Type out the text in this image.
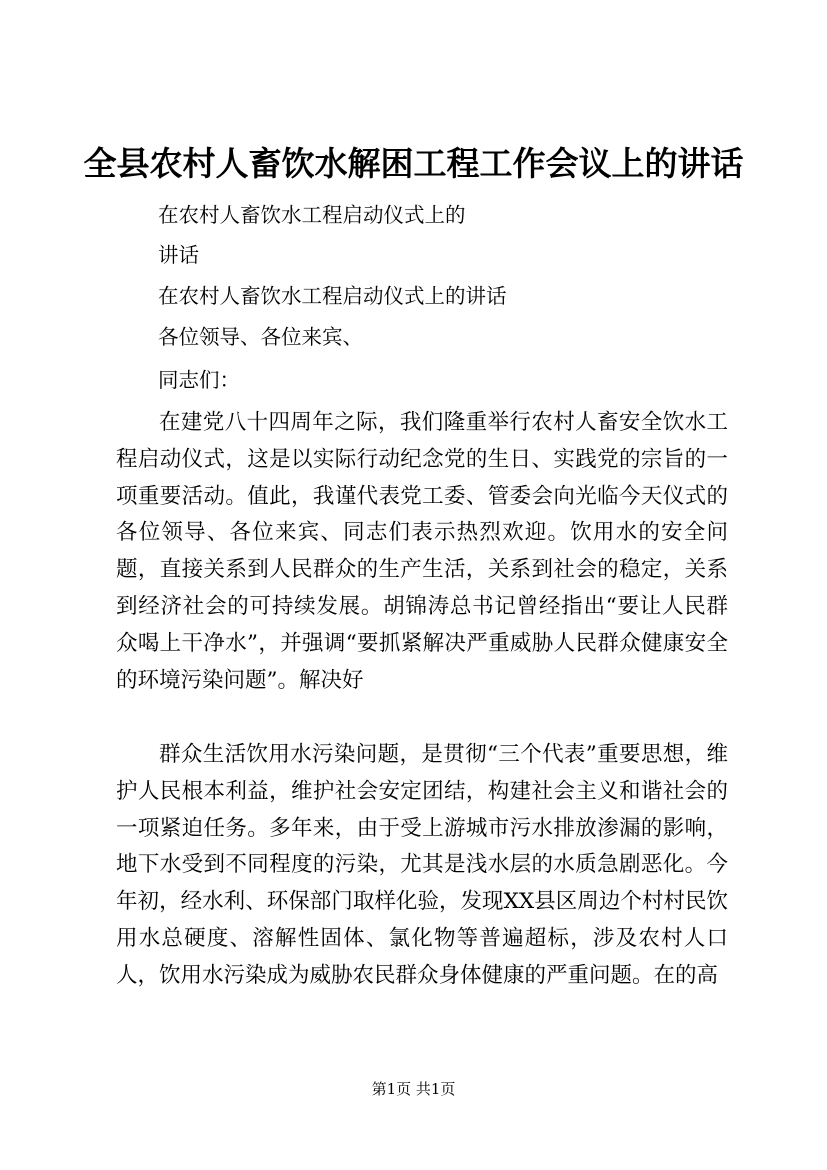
全县农村人畜饮水解困工程工作会议上的讲话
在农村人畜饮水工程启动仪式上的
讲话
在农村人畜饮水工程启动仪式上的讲话
各位领导、各位来宾、
同志们：

在建党八十四周年之际，我们隆重举行农村人畜安全饮水工程启动仪式，这是以实际行动纪念党的生日、实践党的宗旨的一项重要活动。值此，我谨代表党工委、管委会向光临今天仪式的各位领导、各位来宾、同志们表示热烈欢迎。饮用水的安全问题，直接关系到人民群众的生产生活，关系到社会的稳定，关系到经济社会的可持续发展。胡锦涛总书记曾经指出“要让人民群众喝上干净水”，并强调“要抓紧解决严重威胁人民群众健康安全的环境污染问题”。解决好

群众生活饮用水污染问题，是贯彻“三个代表”重要思想，维护人民根本利益，维护社会安定团结，构建社会主义和谐社会的一项紧迫任务。多年来，由于受上游城市污水排放渗漏的影响，地下水受到不同程度的污染，尤其是浅水层的水质急剧恶化。今年初，经水利、环保部门取样化验，发现XX县区周边个村村民饮用水总硬度、溶解性固体、氯化物等普遍超标，涉及农村人口人，饮用水污染成为威胁农民群众身体健康的严重问题。在的高

第1页 共1页
